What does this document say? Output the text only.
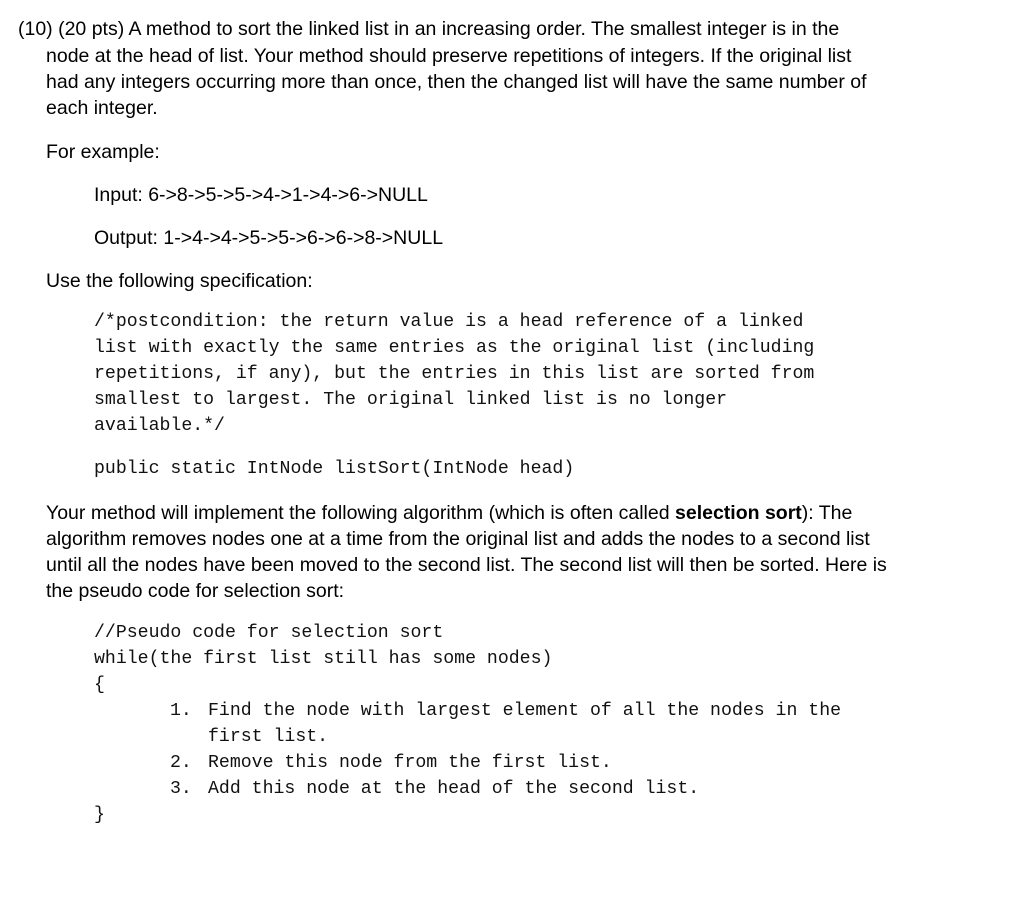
(10) (20 pts) A method to sort the linked list in an increasing order. The smallest integer is in the
node at the head of list. Your method should preserve repetitions of integers. If the original list
had any integers occurring more than once, then the changed list will have the same number of
each integer.
For example:
Input: 6->8->5->5->4->1->4->6->NULL
Output: 1->4->4->5->5->6->6->8->NULL
Use the following specification:
/*postcondition: the return value is a head reference of a linked
list with exactly the same entries as the original list (including
repetitions, if any), but the entries in this list are sorted from
smallest to largest. The original linked list is no longer
available.*/
public static IntNode listSort(IntNode head)
Your method will implement the following algorithm (which is often called selection sort): The
algorithm removes nodes one at a time from the original list and adds the nodes to a second list
until all the nodes have been moved to the second list. The second list will then be sorted. Here is
the pseudo code for selection sort:
//Pseudo code for selection sort
while(the first list still has some nodes)
{
1. Find the node with largest element of all the nodes in the
first list.
2. Remove this node from the first list.
3. Add this node at the head of the second list.
}
